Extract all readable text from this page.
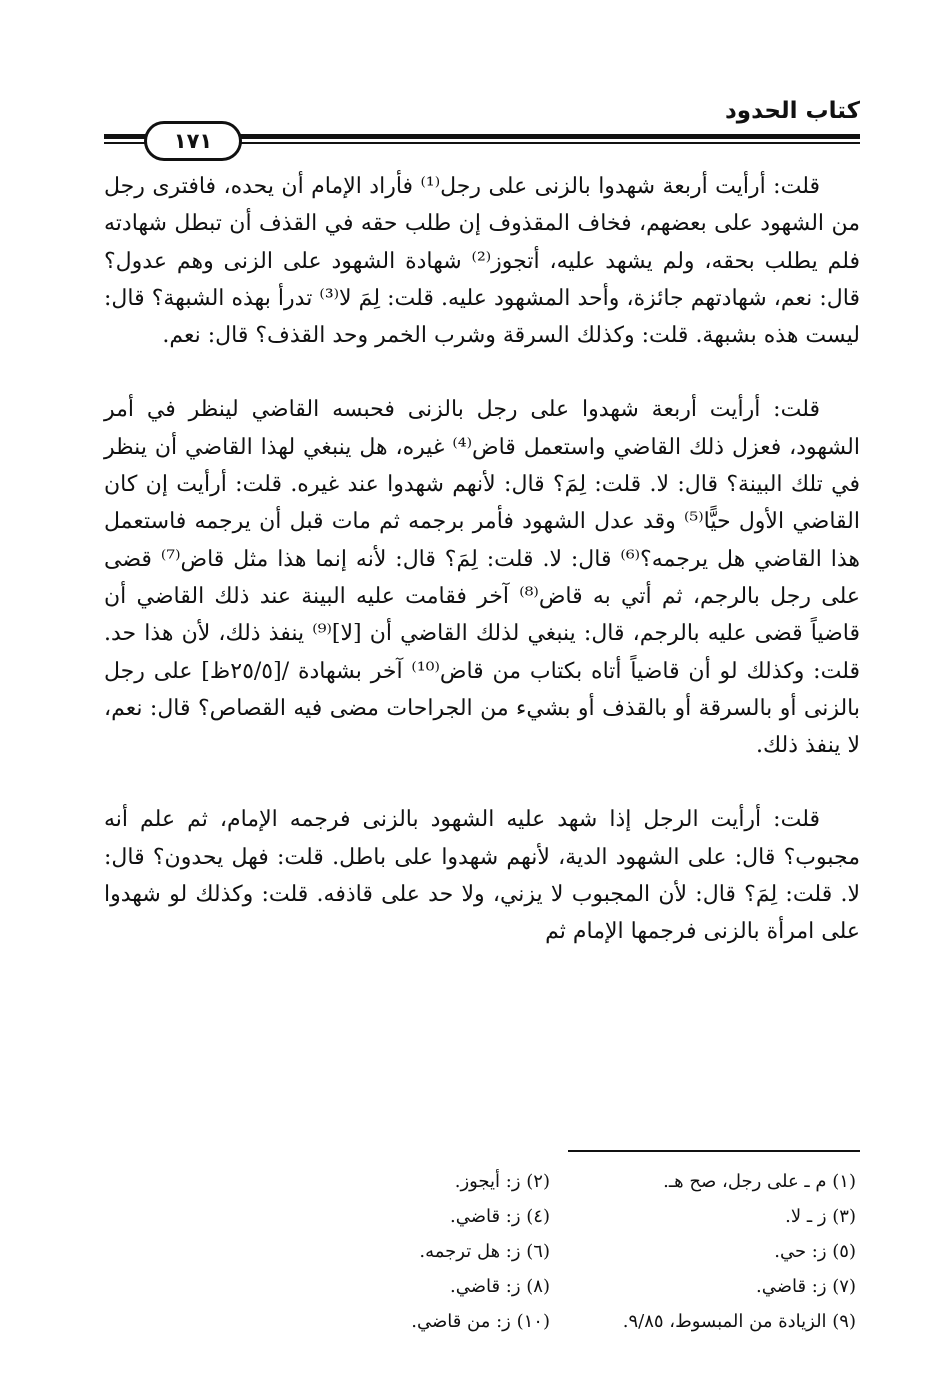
كتاب الحدود
١٧١

قلت: أرأيت أربعة شهدوا بالزنى على رجل⁽¹⁾ فأراد الإمام أن يحده، فافترى رجل من الشهود على بعضهم، فخاف المقذوف إن طلب حقه في القذف أن تبطل شهادته فلم يطلب بحقه، ولم يشهد عليه، أتجوز⁽²⁾ شهادة الشهود على الزنى وهم عدول؟ قال: نعم، شهادتهم جائزة، وأحد المشهود عليه. قلت: لِمَ لا⁽³⁾ تدرأ بهذه الشبهة؟ قال: ليست هذه بشبهة. قلت: وكذلك السرقة وشرب الخمر وحد القذف؟ قال: نعم.

قلت: أرأيت أربعة شهدوا على رجل بالزنى فحبسه القاضي لينظر في أمر الشهود، فعزل ذلك القاضي واستعمل قاض⁽⁴⁾ غيره، هل ينبغي لهذا القاضي أن ينظر في تلك البينة؟ قال: لا. قلت: لِمَ؟ قال: لأنهم شهدوا عند غيره. قلت: أرأيت إن كان القاضي الأول حيًّا⁽⁵⁾ وقد عدل الشهود فأمر برجمه ثم مات قبل أن يرجمه فاستعمل هذا القاضي هل يرجمه؟⁽⁶⁾ قال: لا. قلت: لِمَ؟ قال: لأنه إنما هذا مثل قاض⁽⁷⁾ قضى على رجل بالرجم، ثم أتي به قاض⁽⁸⁾ آخر فقامت عليه البينة عند ذلك القاضي أن قاضياً قضى عليه بالرجم، قال: ينبغي لذلك القاضي أن [لا]⁽⁹⁾ ينفذ ذلك، لأن هذا حد. قلت: وكذلك لو أن قاضياً أتاه بكتاب من قاض⁽¹⁰⁾ آخر بشهادة /[٢٥/٥ظ] على رجل بالزنى أو بالسرقة أو بالقذف أو بشيء من الجراحات مضى فيه القصاص؟ قال: نعم، لا ينفذ ذلك.

قلت: أرأيت الرجل إذا شهد عليه الشهود بالزنى فرجمه الإمام، ثم علم أنه مجبوب؟ قال: على الشهود الدية، لأنهم شهدوا على باطل. قلت: فهل يحدون؟ قال: لا. قلت: لِمَ؟ قال: لأن المجبوب لا يزني، ولا حد على قاذفه. قلت: وكذلك لو شهدوا على امرأة بالزنى فرجمها الإمام ثم

(١) م ـ على رجل، صح هـ.
(٢) ز: أيجوز.
(٣) ز ـ لا.
(٤) ز: قاضي.
(٥) ز: حي.
(٦) ز: هل ترجمه.
(٧) ز: قاضي.
(٨) ز: قاضي.
(٩) الزيادة من المبسوط، ٩/٨٥.
(١٠) ز: من قاضي.
